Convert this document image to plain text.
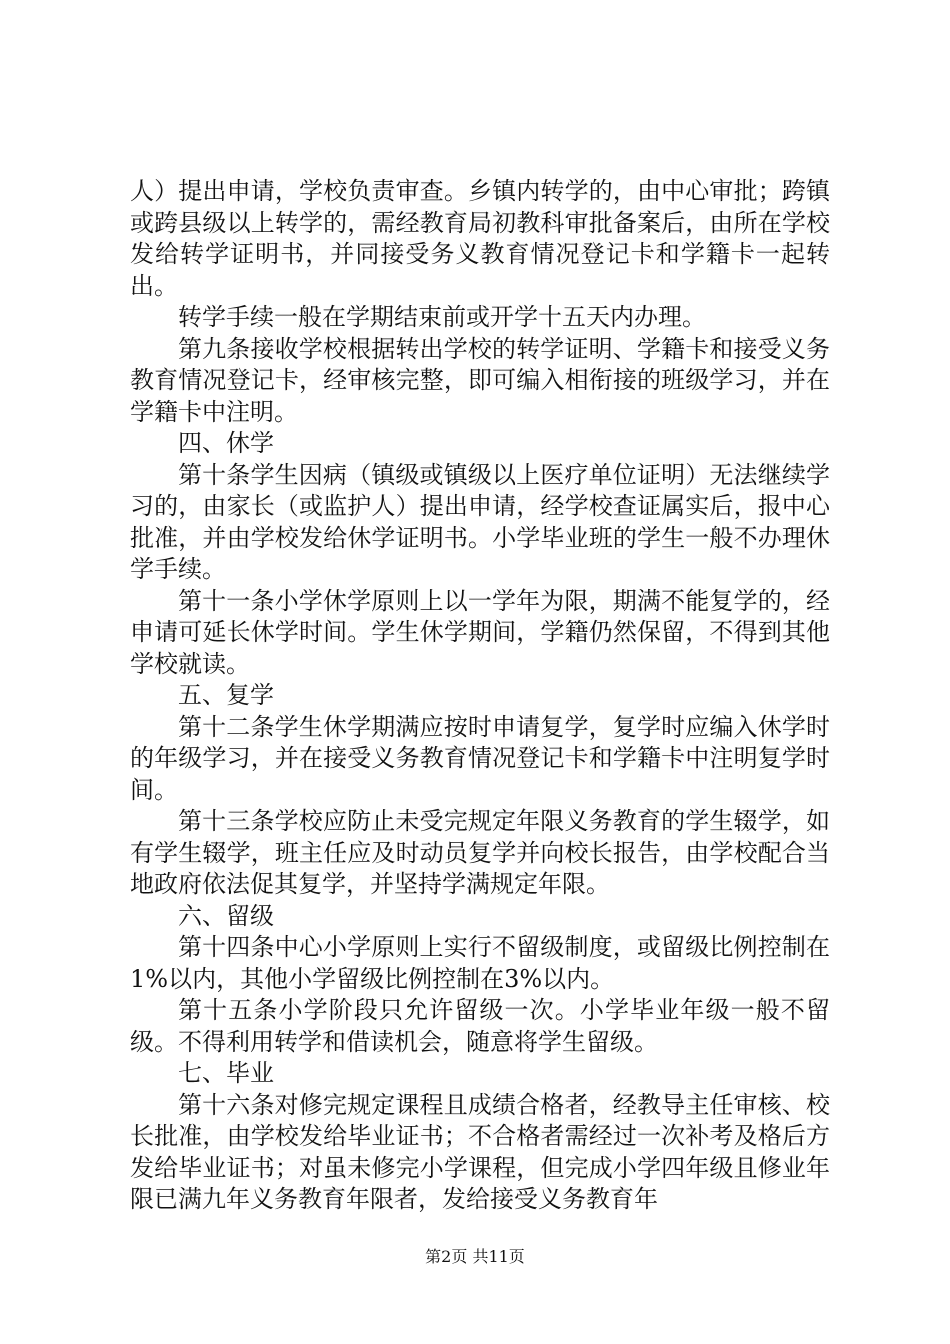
人）提出申请，学校负责审查。乡镇内转学的，由中心审批；跨镇或跨县级以上转学的，需经教育局初教科审批备案后，由所在学校发给转学证明书，并同接受务义教育情况登记卡和学籍卡一起转出。

转学手续一般在学期结束前或开学十五天内办理。

第九条接收学校根据转出学校的转学证明、学籍卡和接受义务教育情况登记卡，经审核完整，即可编入相衔接的班级学习，并在学籍卡中注明。

四、休学

第十条学生因病（镇级或镇级以上医疗单位证明）无法继续学习的，由家长（或监护人）提出申请，经学校查证属实后，报中心批准，并由学校发给休学证明书。小学毕业班的学生一般不办理休学手续。

第十一条小学休学原则上以一学年为限，期满不能复学的，经申请可延长休学时间。学生休学期间，学籍仍然保留，不得到其他学校就读。

五、复学

第十二条学生休学期满应按时申请复学，复学时应编入休学时的年级学习，并在接受义务教育情况登记卡和学籍卡中注明复学时间。

第十三条学校应防止未受完规定年限义务教育的学生辍学，如有学生辍学，班主任应及时动员复学并向校长报告，由学校配合当地政府依法促其复学，并坚持学满规定年限。

六、留级

第十四条中心小学原则上实行不留级制度，或留级比例控制在1%以内，其他小学留级比例控制在3%以内。

第十五条小学阶段只允许留级一次。小学毕业年级一般不留级。不得利用转学和借读机会，随意将学生留级。

七、毕业

第十六条对修完规定课程且成绩合格者，经教导主任审核、校长批准，由学校发给毕业证书；不合格者需经过一次补考及格后方发给毕业证书；对虽未修完小学课程，但完成小学四年级且修业年限已满九年义务教育年限者，发给接受义务教育年

第2页 共11页
